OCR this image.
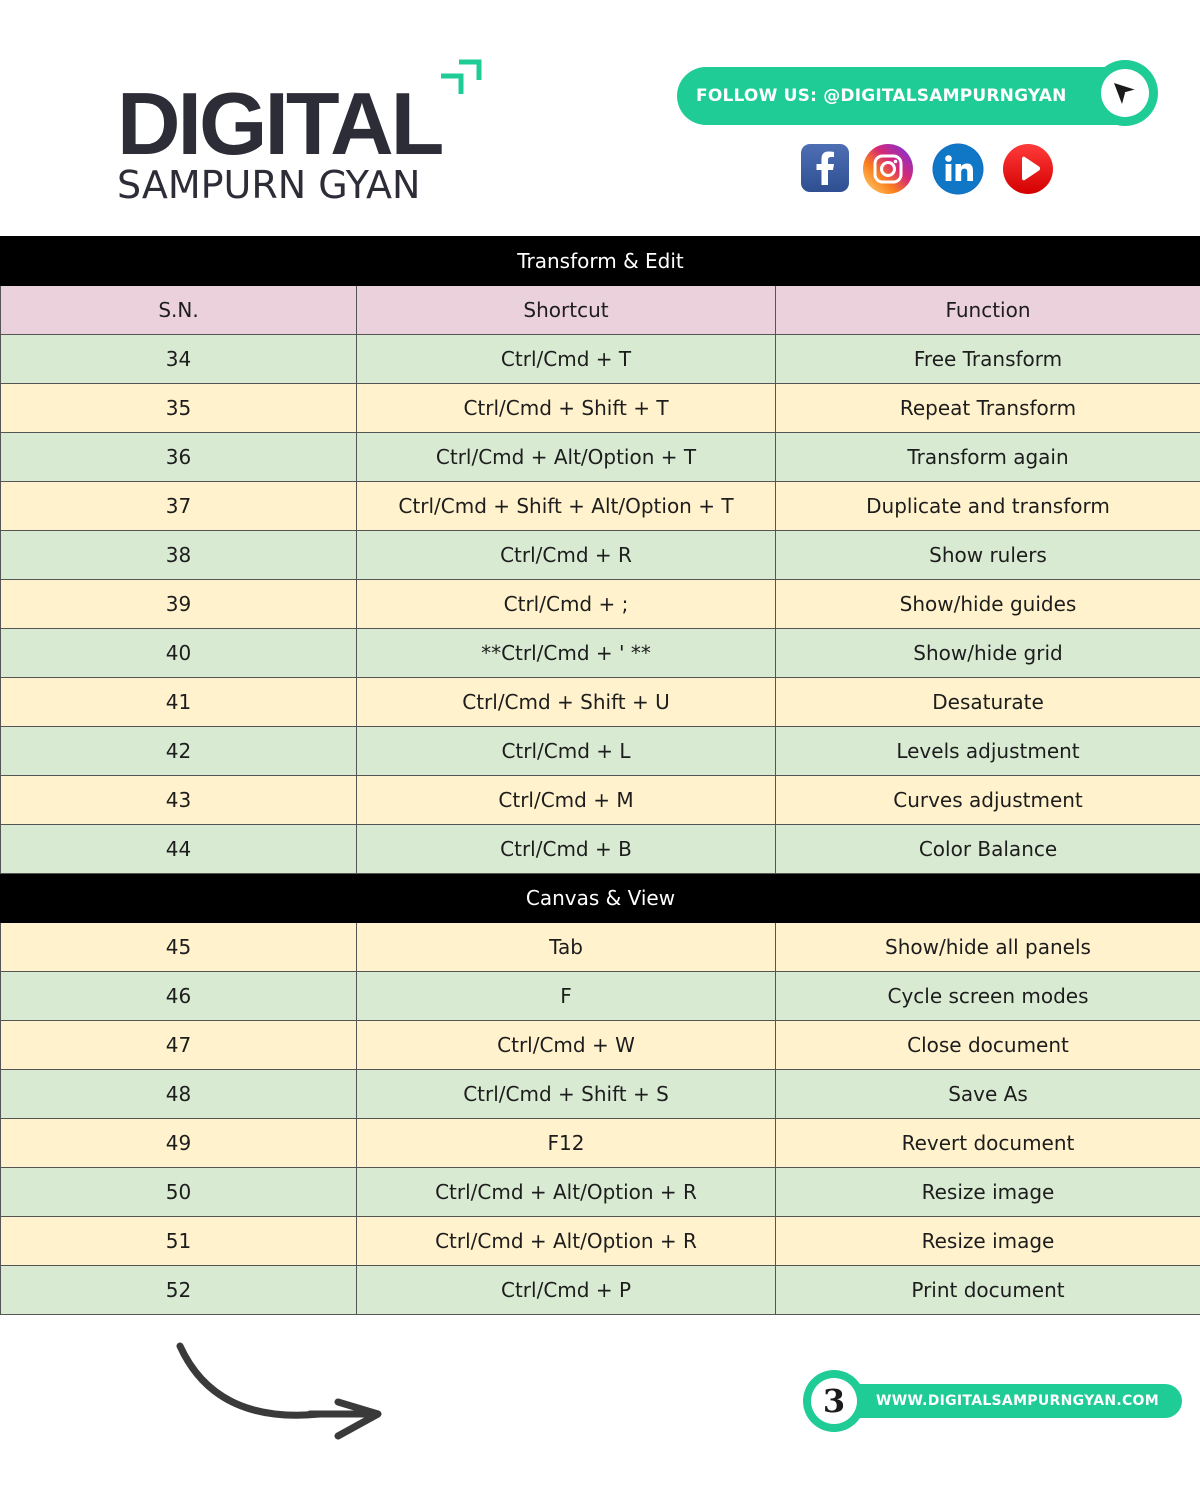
DIGITAL
SAMPURN GYAN
FOLLOW US: @DIGITALSAMPURNGYAN
Transform & Edit		
S.N.	Shortcut	Function
34	Ctrl/Cmd + T	Free Transform
35	Ctrl/Cmd + Shift + T	Repeat Transform
36	Ctrl/Cmd + Alt/Option + T	Transform again
37	Ctrl/Cmd + Shift + Alt/Option + T	Duplicate and transform
38	Ctrl/Cmd + R	Show rulers
39	Ctrl/Cmd + ;	Show/hide guides
40	**Ctrl/Cmd + ' **	Show/hide grid
41	Ctrl/Cmd + Shift + U	Desaturate
42	Ctrl/Cmd + L	Levels adjustment
43	Ctrl/Cmd + M	Curves adjustment
44	Ctrl/Cmd + B	Color Balance
Canvas & View		
45	Tab	Show/hide all panels
46	F	Cycle screen modes
47	Ctrl/Cmd + W	Close document
48	Ctrl/Cmd + Shift + S	Save As
49	F12	Revert document
50	Ctrl/Cmd + Alt/Option + R	Resize image
51	Ctrl/Cmd + Alt/Option + R	Resize image
52	Ctrl/Cmd + P	Print document
WWW.DIGITALSAMPURNGYAN.COM
3
